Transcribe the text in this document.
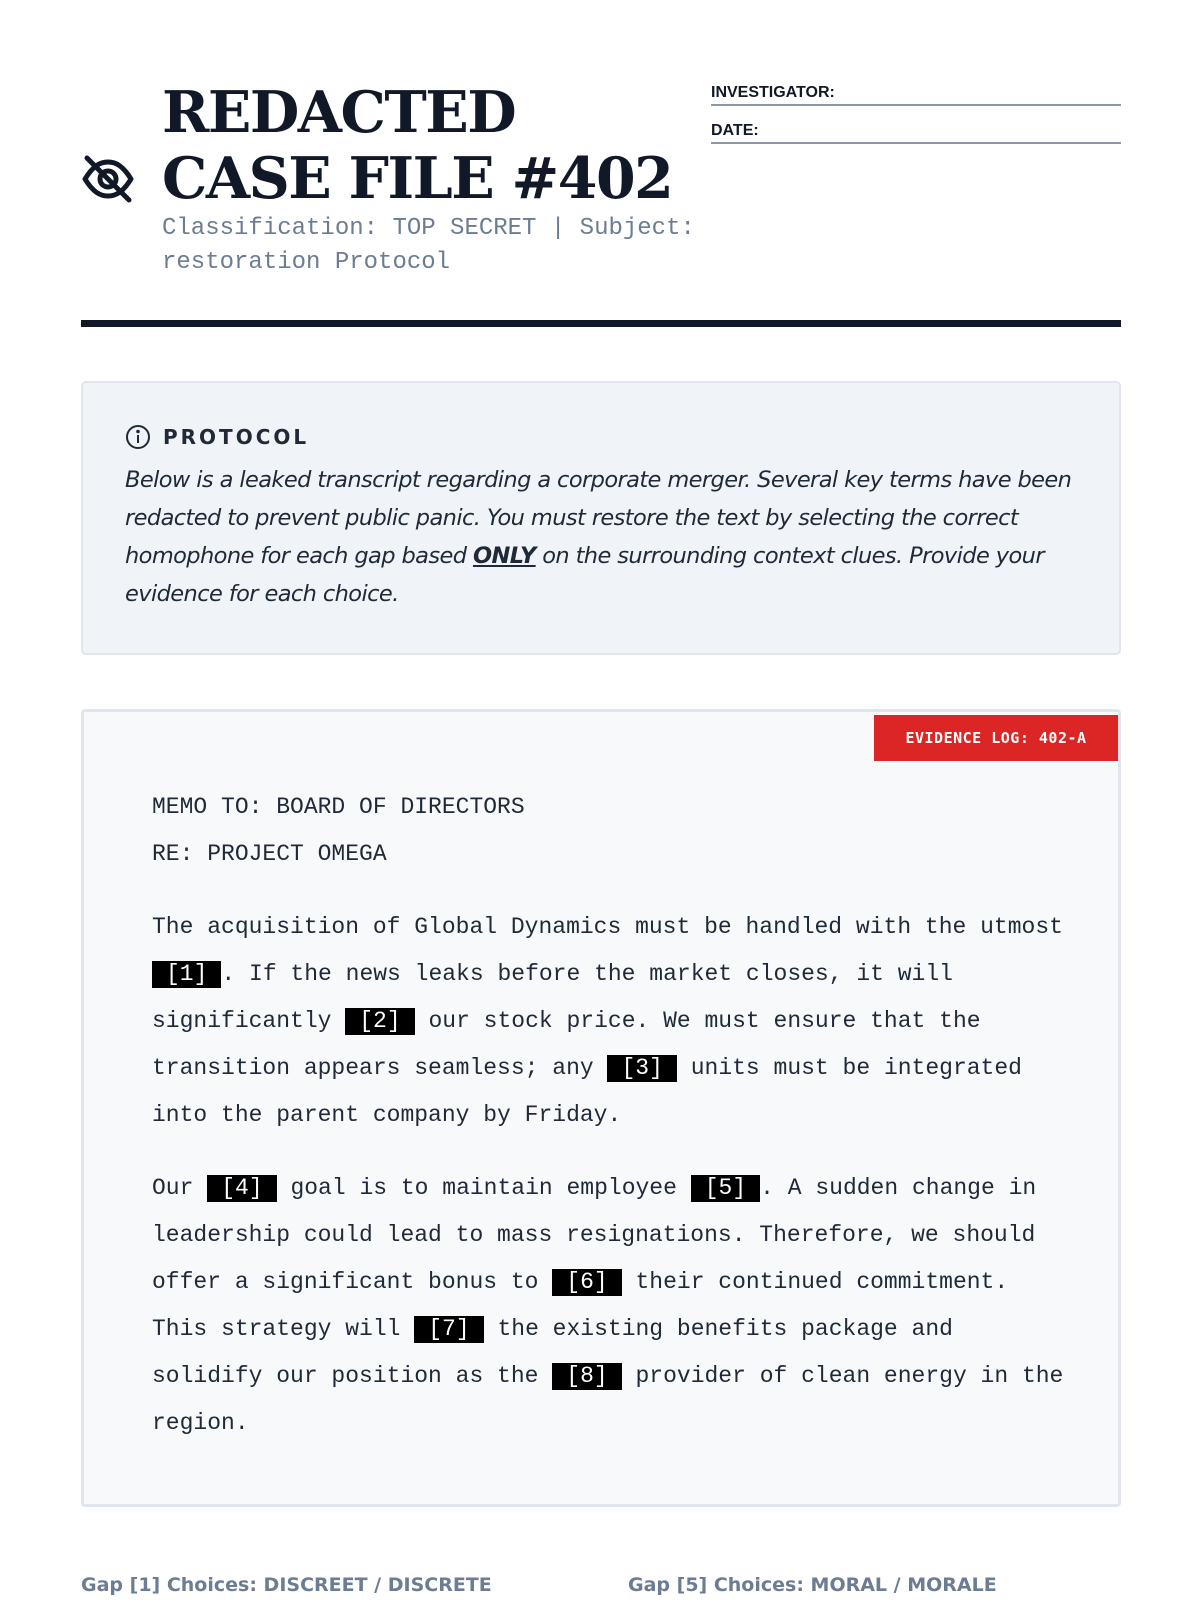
REDACTED CASE FILE #402

Classification: TOP SECRET | Subject: restoration Protocol

INVESTIGATOR:
DATE:
PROTOCOL

Below is a leaked transcript regarding a corporate merger. Several key terms have been redacted to prevent public panic. You must restore the text by selecting the correct homophone for each gap based ONLY on the surrounding context clues. Provide your evidence for each choice.

EVIDENCE LOG: 402-A
MEMO TO: BOARD OF DIRECTORS
RE: PROJECT OMEGA
The acquisition of Global Dynamics must be handled with the utmost [1] . If the news leaks before the market closes, it will significantly [2] our stock price. We must ensure that the transition appears seamless; any [3] units must be integrated into the parent company by Friday.
Our [4] goal is to maintain employee [5] . A sudden change in leadership could lead to mass resignations. Therefore, we should offer a significant bonus to [6] their continued commitment. This strategy will [7] the existing benefits package and solidify our position as the [8] provider of clean energy in the region.
Gap [1] Choices: DISCREET / DISCRETE	Gap [5] Choices: MORAL / MORALE
